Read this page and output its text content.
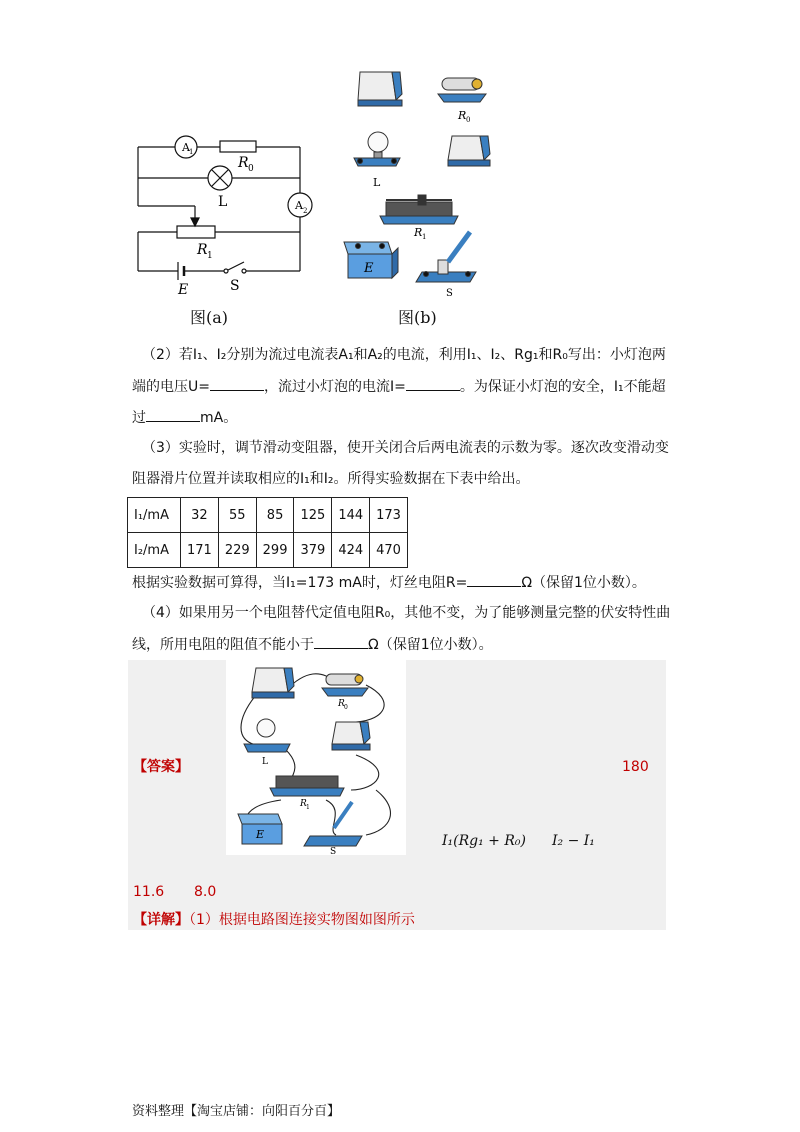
A 1
R 0
L	A 2
R 1
E	S
图(a)
R 0
L
R 1
E
S
图(b)
（2）若I₁、I₂分别为流过电流表A₁和A₂的电流，利用I₁、I₂、Rg₁和R₀写出：小灯泡两
端的电压U=	，流过小灯泡的电流I=	。为保证小灯泡的安全，I₁不能超
过	mA。
（3）实验时，调节滑动变阻器，使开关闭合后两电流表的示数为零。逐次改变滑动变
阻器滑片位置并读取相应的I₁和I₂。所得实验数据在下表中给出。
I₁/mA	32	55	85	125	144	173
I₂/mA	171	229	299	379	424	470
根据实验数据可算得，当I₁=173 mA时，灯丝电阻R=	Ω（保留1位小数）。
（4）如果用另一个电阻替代定值电阻R₀，其他不变，为了能够测量完整的伏安特性曲
线，所用电阻的阻值不能小于	Ω（保留1位小数）。
R 0
L
R 1
E
S
【答案】	180
I₁(Rg₁ + R₀) I₂ − I₁
11.6 8.0
【详解】（1）根据电路图连接实物图如图所示
资料整理【淘宝店铺：向阳百分百】
